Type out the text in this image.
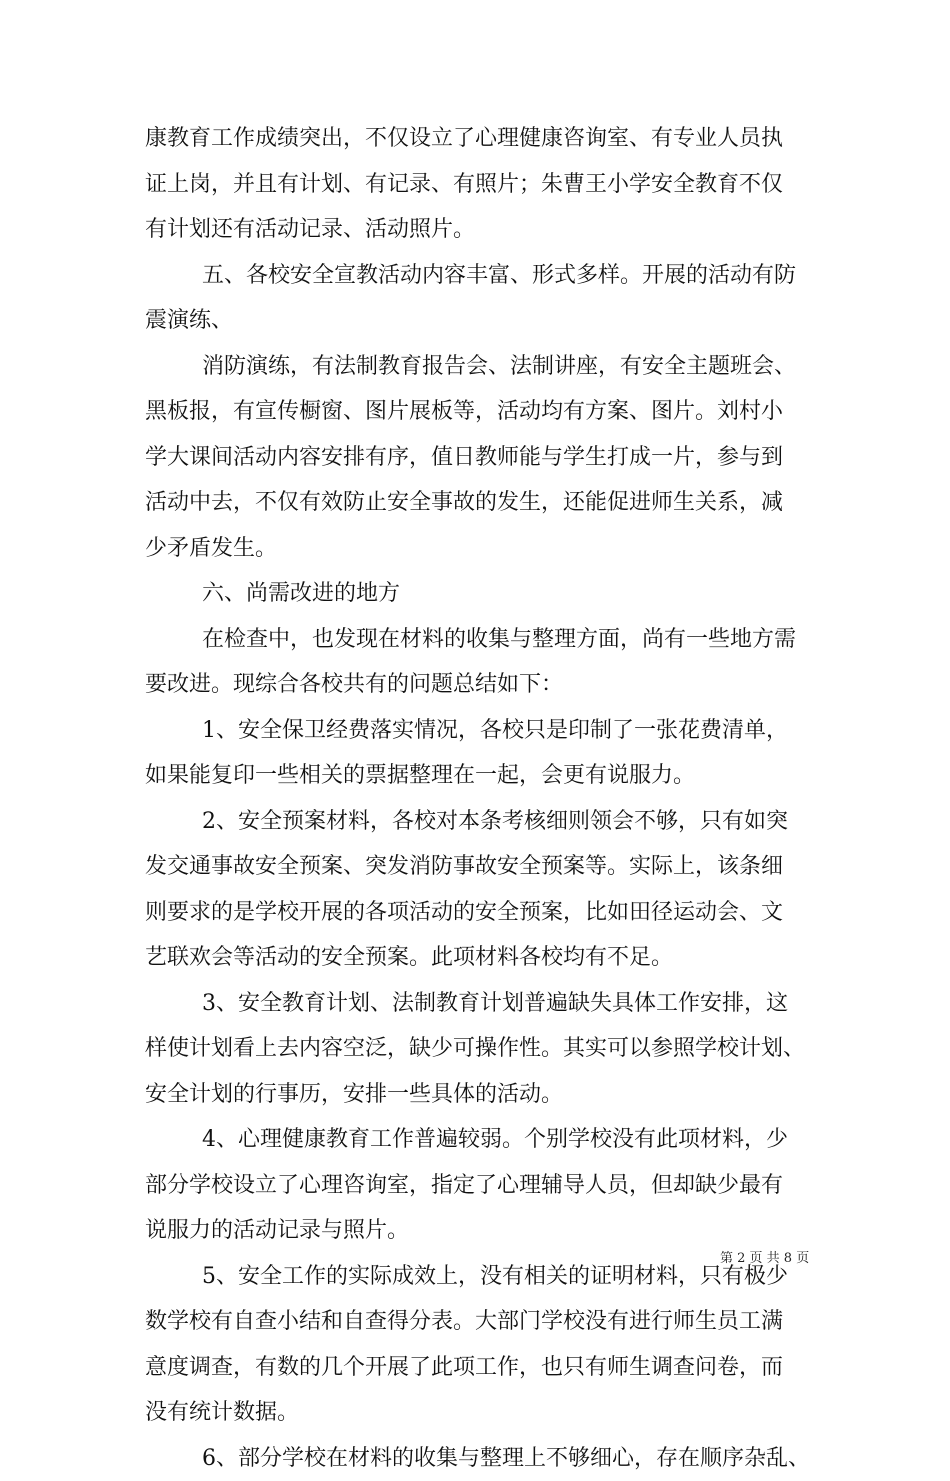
康教育工作成绩突出，不仅设立了心理健康咨询室、有专业人员执
证上岗，并且有计划、有记录、有照片；朱曹王小学安全教育不仅
有计划还有活动记录、活动照片。
五、各校安全宣教活动内容丰富、形式多样。开展的活动有防
震演练、
消防演练，有法制教育报告会、法制讲座，有安全主题班会、
黑板报，有宣传橱窗、图片展板等，活动均有方案、图片。刘村小
学大课间活动内容安排有序，值日教师能与学生打成一片，参与到
活动中去，不仅有效防止安全事故的发生，还能促进师生关系，减
少矛盾发生。
六、尚需改进的地方
在检查中，也发现在材料的收集与整理方面，尚有一些地方需
要改进。现综合各校共有的问题总结如下：
1、安全保卫经费落实情况，各校只是印制了一张花费清单，
如果能复印一些相关的票据整理在一起，会更有说服力。
2、安全预案材料，各校对本条考核细则领会不够，只有如突
发交通事故安全预案、突发消防事故安全预案等。实际上，该条细
则要求的是学校开展的各项活动的安全预案，比如田径运动会、文
艺联欢会等活动的安全预案。此项材料各校均有不足。
3、安全教育计划、法制教育计划普遍缺失具体工作安排，这
样使计划看上去内容空泛，缺少可操作性。其实可以参照学校计划、
安全计划的行事历，安排一些具体的活动。
4、心理健康教育工作普遍较弱。个别学校没有此项材料，少
部分学校设立了心理咨询室，指定了心理辅导人员，但却缺少最有
说服力的活动记录与照片。
5、安全工作的实际成效上，没有相关的证明材料，只有极少
数学校有自查小结和自查得分表。大部门学校没有进行师生员工满
意度调查，有数的几个开展了此项工作，也只有师生调查问卷，而
没有统计数据。
6、部分学校在材料的收集与整理上不够细心，存在顺序杂乱、
第 2 页 共 8 页
